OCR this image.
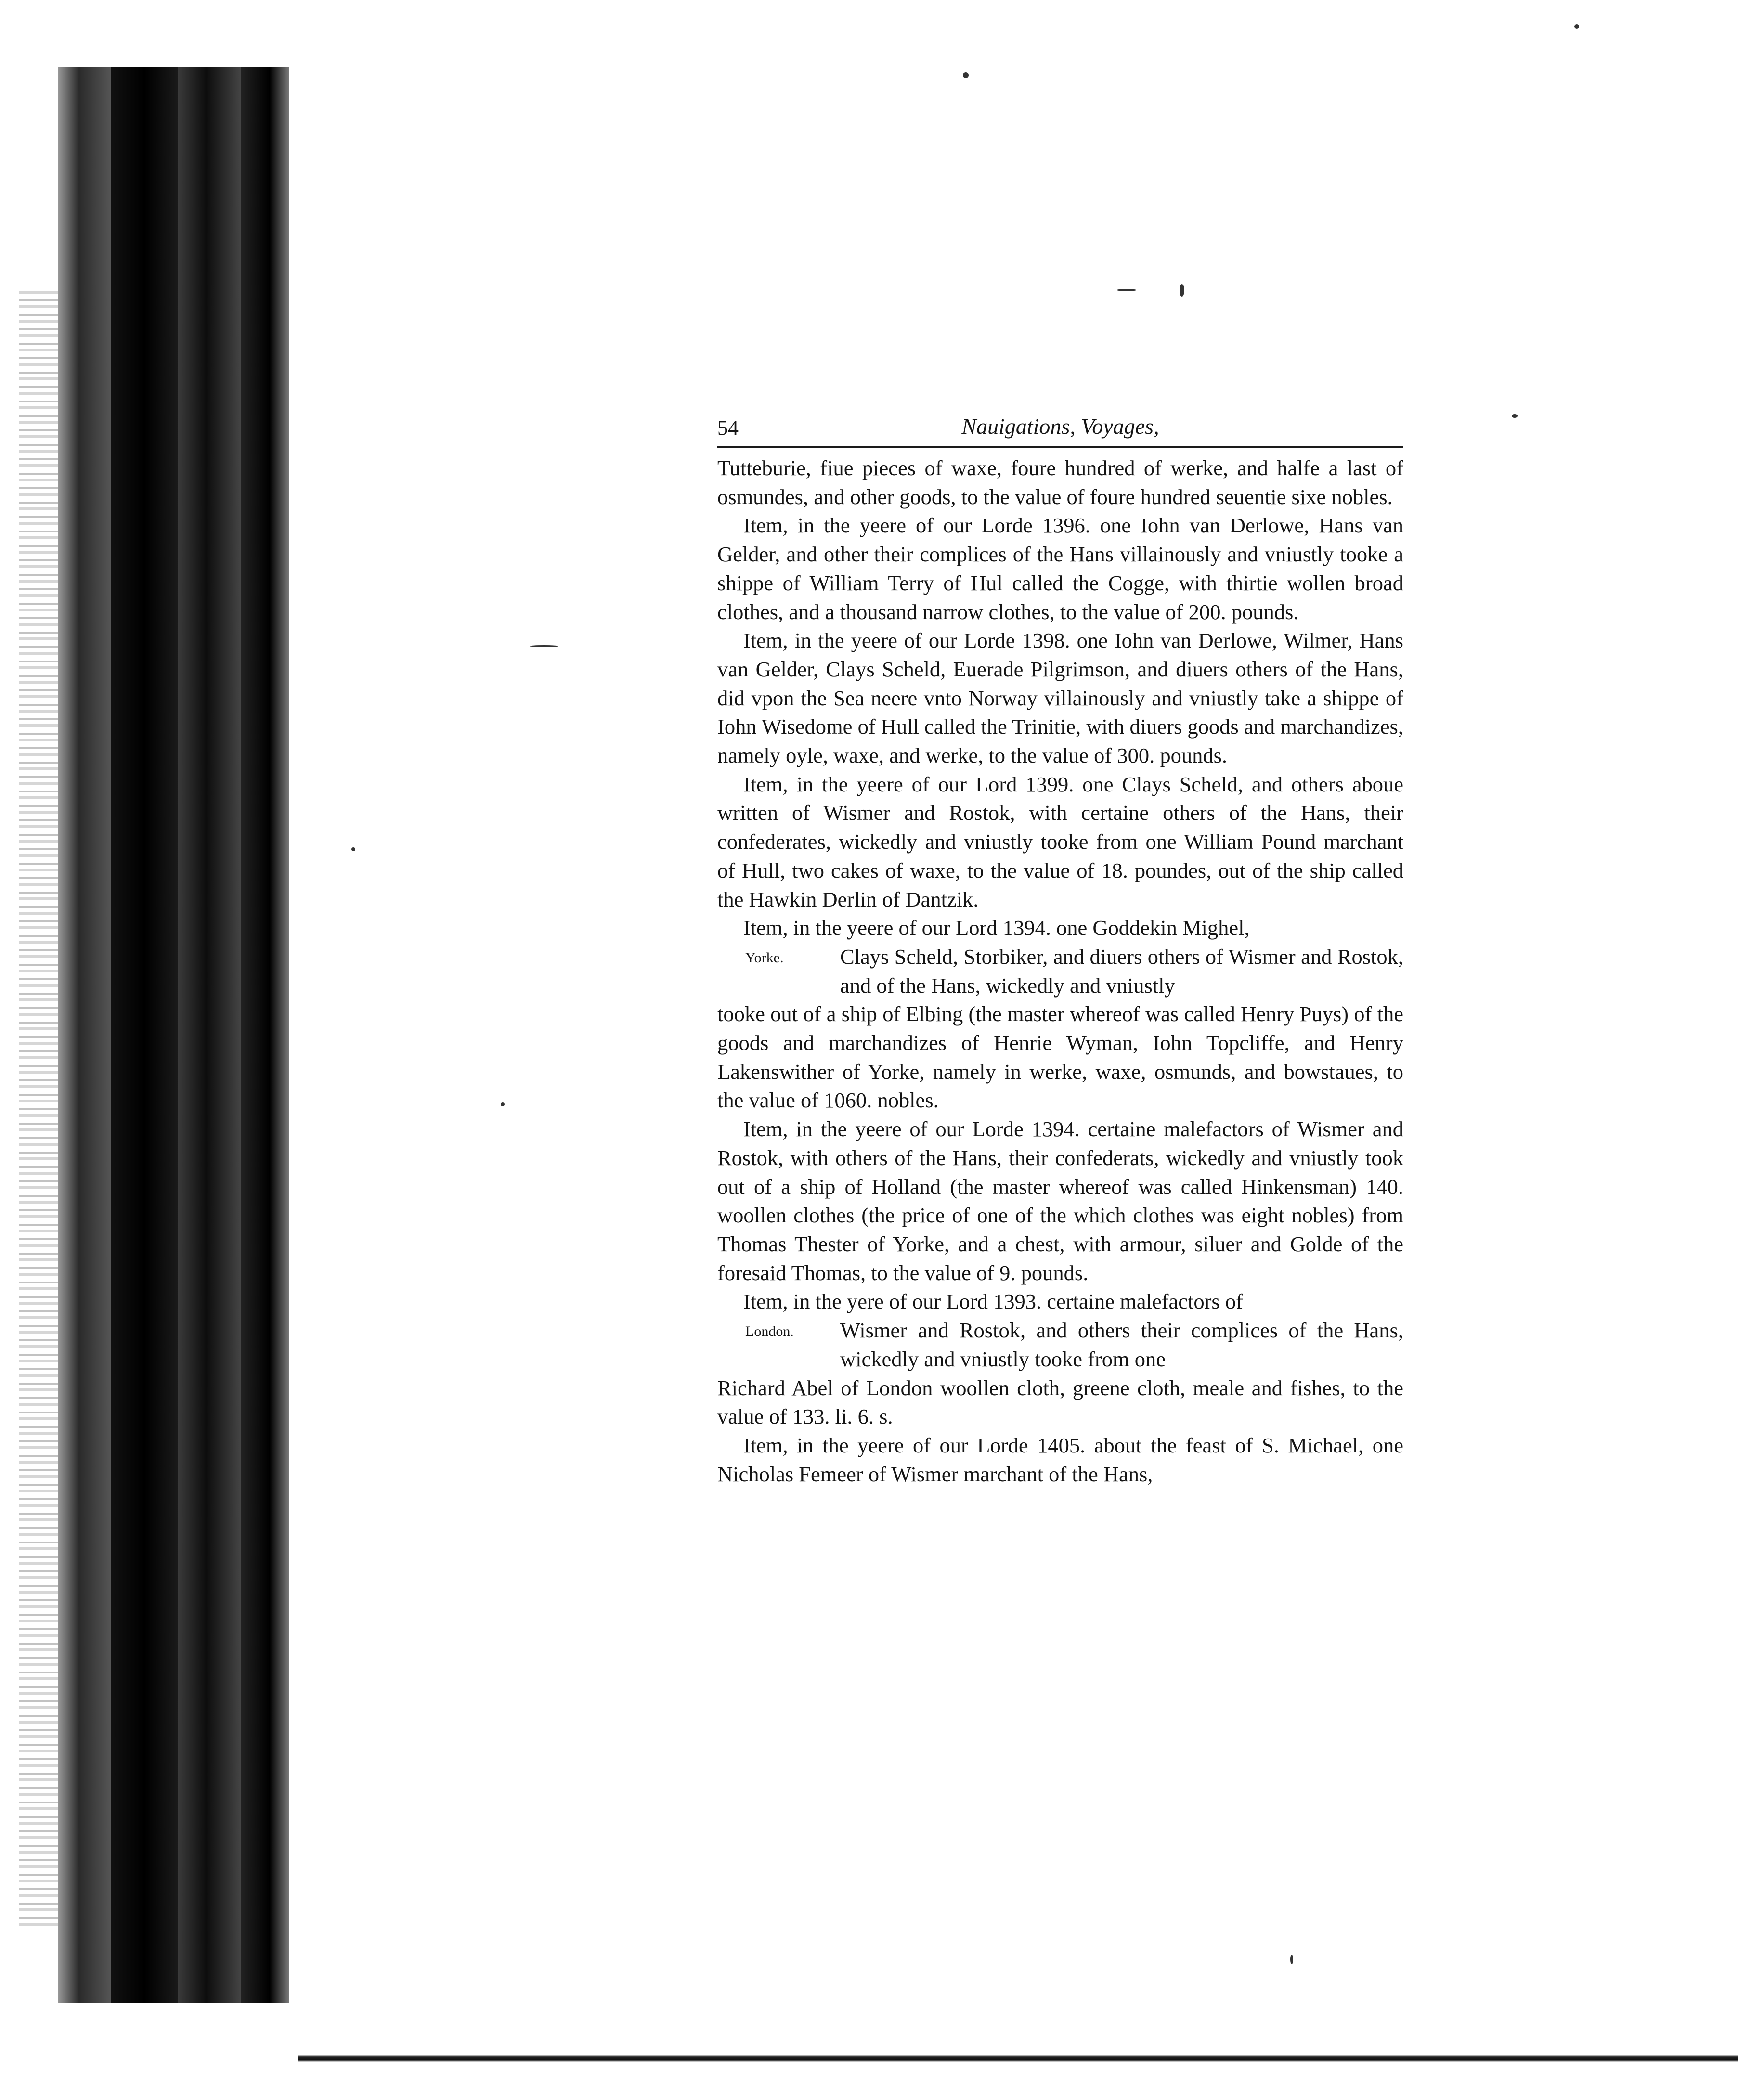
54	Nauigations, Voyages,

Tutteburie, fiue pieces of waxe, foure hundred of werke, and halfe a last of osmundes, and other goods, to the value of foure hundred seuentie sixe nobles.

Item, in the yeere of our Lorde 1396. one Iohn van Derlowe, Hans van Gelder, and other their complices of the Hans villainously and vniustly tooke a shippe of William Terry of Hul called the Cogge, with thirtie wollen broad clothes, and a thousand narrow clothes, to the value of 200. pounds.

Item, in the yeere of our Lorde 1398. one Iohn van Derlowe, Wilmer, Hans van Gelder, Clays Scheld, Euerade Pilgrimson, and diuers others of the Hans, did vpon the Sea neere vnto Norway villainously and vniustly take a shippe of Iohn Wisedome of Hull called the Trinitie, with diuers goods and marchandizes, namely oyle, waxe, and werke, to the value of 300. pounds.

Item, in the yeere of our Lord 1399. one Clays Scheld, and others aboue written of Wismer and Rostok, with certaine others of the Hans, their confederates, wickedly and vniustly tooke from one William Pound marchant of Hull, two cakes of waxe, to the value of 18. poundes, out of the ship called the Hawkin Derlin of Dantzik.

Item, in the yeere of our Lord 1394. one Goddekin Mighel,

Yorke.	Clays Scheld, Storbiker, and diuers others of Wismer and Rostok, and of the Hans, wickedly and vniustly

tooke out of a ship of Elbing (the master whereof was called Henry Puys) of the goods and marchandizes of Henrie Wyman, Iohn Topcliffe, and Henry Lakenswither of Yorke, namely in werke, waxe, osmunds, and bowstaues, to the value of 1060. nobles.

Item, in the yeere of our Lorde 1394. certaine malefactors of Wismer and Rostok, with others of the Hans, their confederats, wickedly and vniustly took out of a ship of Holland (the master whereof was called Hinkensman) 140. woollen clothes (the price of one of the which clothes was eight nobles) from Thomas Thester of Yorke, and a chest, with armour, siluer and Golde of the foresaid Thomas, to the value of 9. pounds.

Item, in the yere of our Lord 1393. certaine malefactors of

London. Wismer and Rostok, and others their complices of the Hans, wickedly and vniustly tooke from one

Richard Abel of London woollen cloth, greene cloth, meale and fishes, to the value of 133. li. 6. s.

Item, in the yeere of our Lorde 1405. about the feast of S. Michael, one Nicholas Femeer of Wismer marchant of the Hans,
